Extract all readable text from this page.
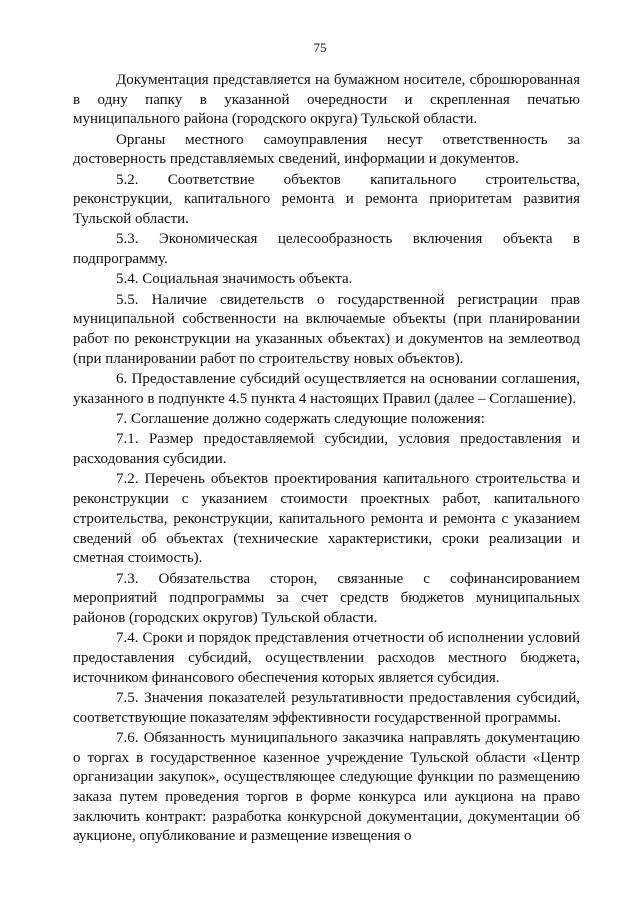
75

Документация представляется на бумажном носителе, сброшюрованная в одну папку в указанной очередности и скрепленная печатью муниципального района (городского округа) Тульской области.

Органы местного самоуправления несут ответственность за достоверность представляемых сведений, информации и документов.

5.2. Соответствие объектов капитального строительства, реконструкции, капитального ремонта и ремонта приоритетам развития Тульской области.

5.3. Экономическая целесообразность включения объекта в подпрограмму.

5.4. Социальная значимость объекта.

5.5. Наличие свидетельств о государственной регистрации прав муниципальной собственности на включаемые объекты (при планировании работ по реконструкции на указанных объектах) и документов на землеотвод (при планировании работ по строительству новых объектов).

6. Предоставление субсидий осуществляется на основании соглашения, указанного в подпункте 4.5 пункта 4 настоящих Правил (далее – Соглашение).

7. Соглашение должно содержать следующие положения:

7.1. Размер предоставляемой субсидии, условия предоставления и расходования субсидии.

7.2. Перечень объектов проектирования капитального строительства и реконструкции с указанием стоимости проектных работ, капитального строительства, реконструкции, капитального ремонта и ремонта с указанием сведений об объектах (технические характеристики, сроки реализации и сметная стоимость).

7.3. Обязательства сторон, связанные с софинансированием мероприятий подпрограммы за счет средств бюджетов муниципальных районов (городских округов) Тульской области.

7.4. Сроки и порядок представления отчетности об исполнении условий предоставления субсидий, осуществлении расходов местного бюджета, источником финансового обеспечения которых является субсидия.

7.5. Значения показателей результативности предоставления субсидий, соответствующие показателям эффективности государственной программы.

7.6. Обязанность муниципального заказчика направлять документацию о торгах в государственное казенное учреждение Тульской области «Центр организации закупок», осуществляющее следующие функции по размещению заказа путем проведения торгов в форме конкурса или аукциона на право заключить контракт: разработка конкурсной документации, документации об аукционе, опубликование и размещение извещения о
